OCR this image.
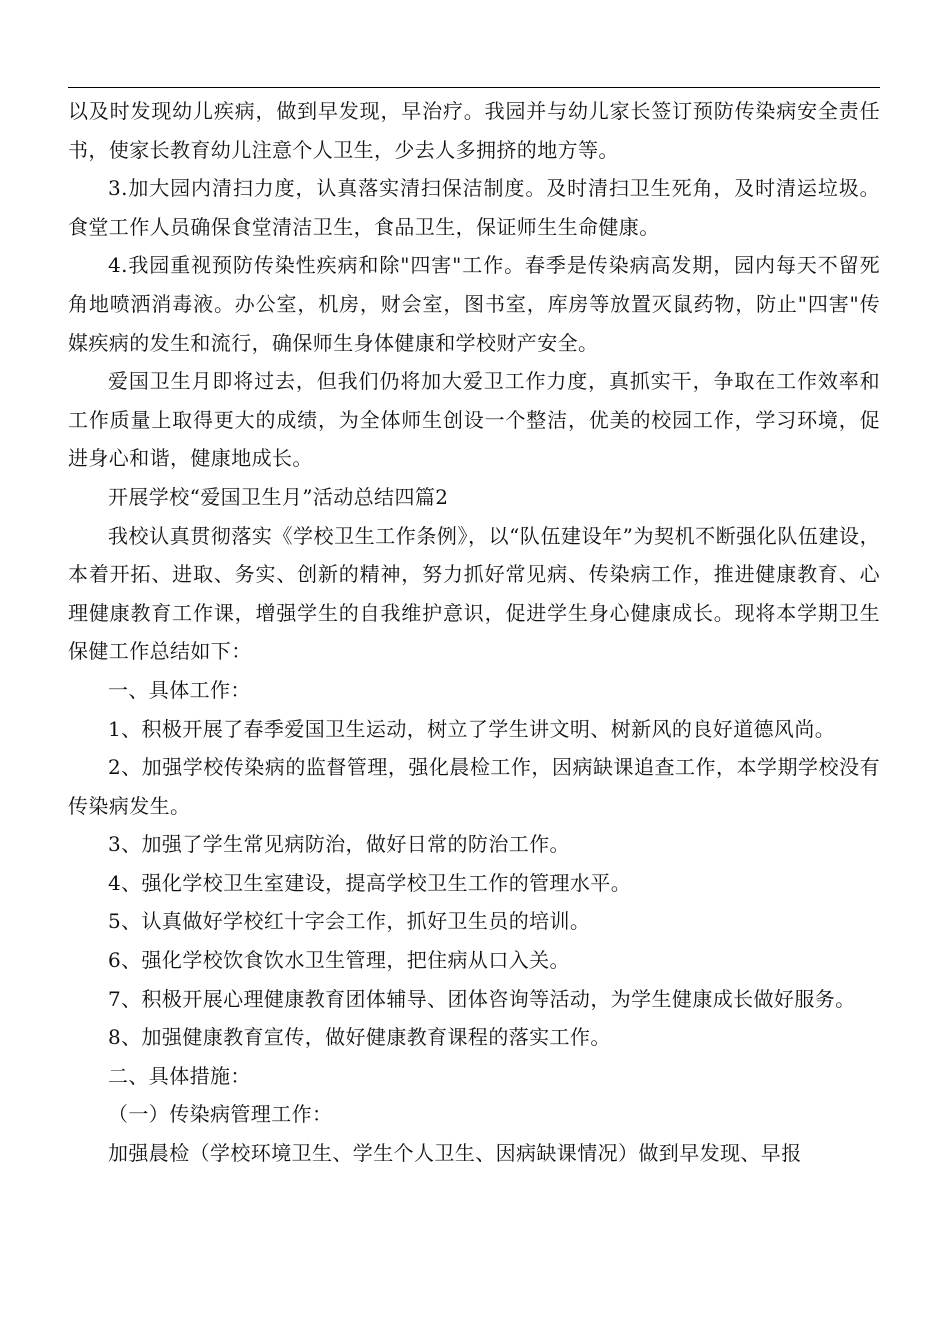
以及时发现幼儿疾病，做到早发现，早治疗。我园并与幼儿家长签订预防传染病安全责任书，使家长教育幼儿注意个人卫生，少去人多拥挤的地方等。

3.加大园内清扫力度，认真落实清扫保洁制度。及时清扫卫生死角，及时清运垃圾。食堂工作人员确保食堂清洁卫生，食品卫生，保证师生生命健康。

4.我园重视预防传染性疾病和除"四害"工作。春季是传染病高发期，园内每天不留死角地喷洒消毒液。办公室，机房，财会室，图书室，库房等放置灭鼠药物，防止"四害"传媒疾病的发生和流行，确保师生身体健康和学校财产安全。

爱国卫生月即将过去，但我们仍将加大爱卫工作力度，真抓实干，争取在工作效率和工作质量上取得更大的成绩，为全体师生创设一个整洁，优美的校园工作，学习环境，促进身心和谐，健康地成长。

开展学校“爱国卫生月”活动总结四篇2

我校认真贯彻落实《学校卫生工作条例》，以“队伍建设年”为契机不断强化队伍建设，本着开拓、进取、务实、创新的精神，努力抓好常见病、传染病工作，推进健康教育、心理健康教育工作课，增强学生的自我维护意识，促进学生身心健康成长。现将本学期卫生保健工作总结如下：

一、具体工作：

1、积极开展了春季爱国卫生运动，树立了学生讲文明、树新风的良好道德风尚。

2、加强学校传染病的监督管理，强化晨检工作，因病缺课追查工作，本学期学校没有传染病发生。

3、加强了学生常见病防治，做好日常的防治工作。

4、强化学校卫生室建设，提高学校卫生工作的管理水平。

5、认真做好学校红十字会工作，抓好卫生员的培训。

6、强化学校饮食饮水卫生管理，把住病从口入关。

7、积极开展心理健康教育团体辅导、团体咨询等活动，为学生健康成长做好服务。

8、加强健康教育宣传，做好健康教育课程的落实工作。

二、具体措施：

（一）传染病管理工作：

加强晨检（学校环境卫生、学生个人卫生、因病缺课情况）做到早发现、早报
